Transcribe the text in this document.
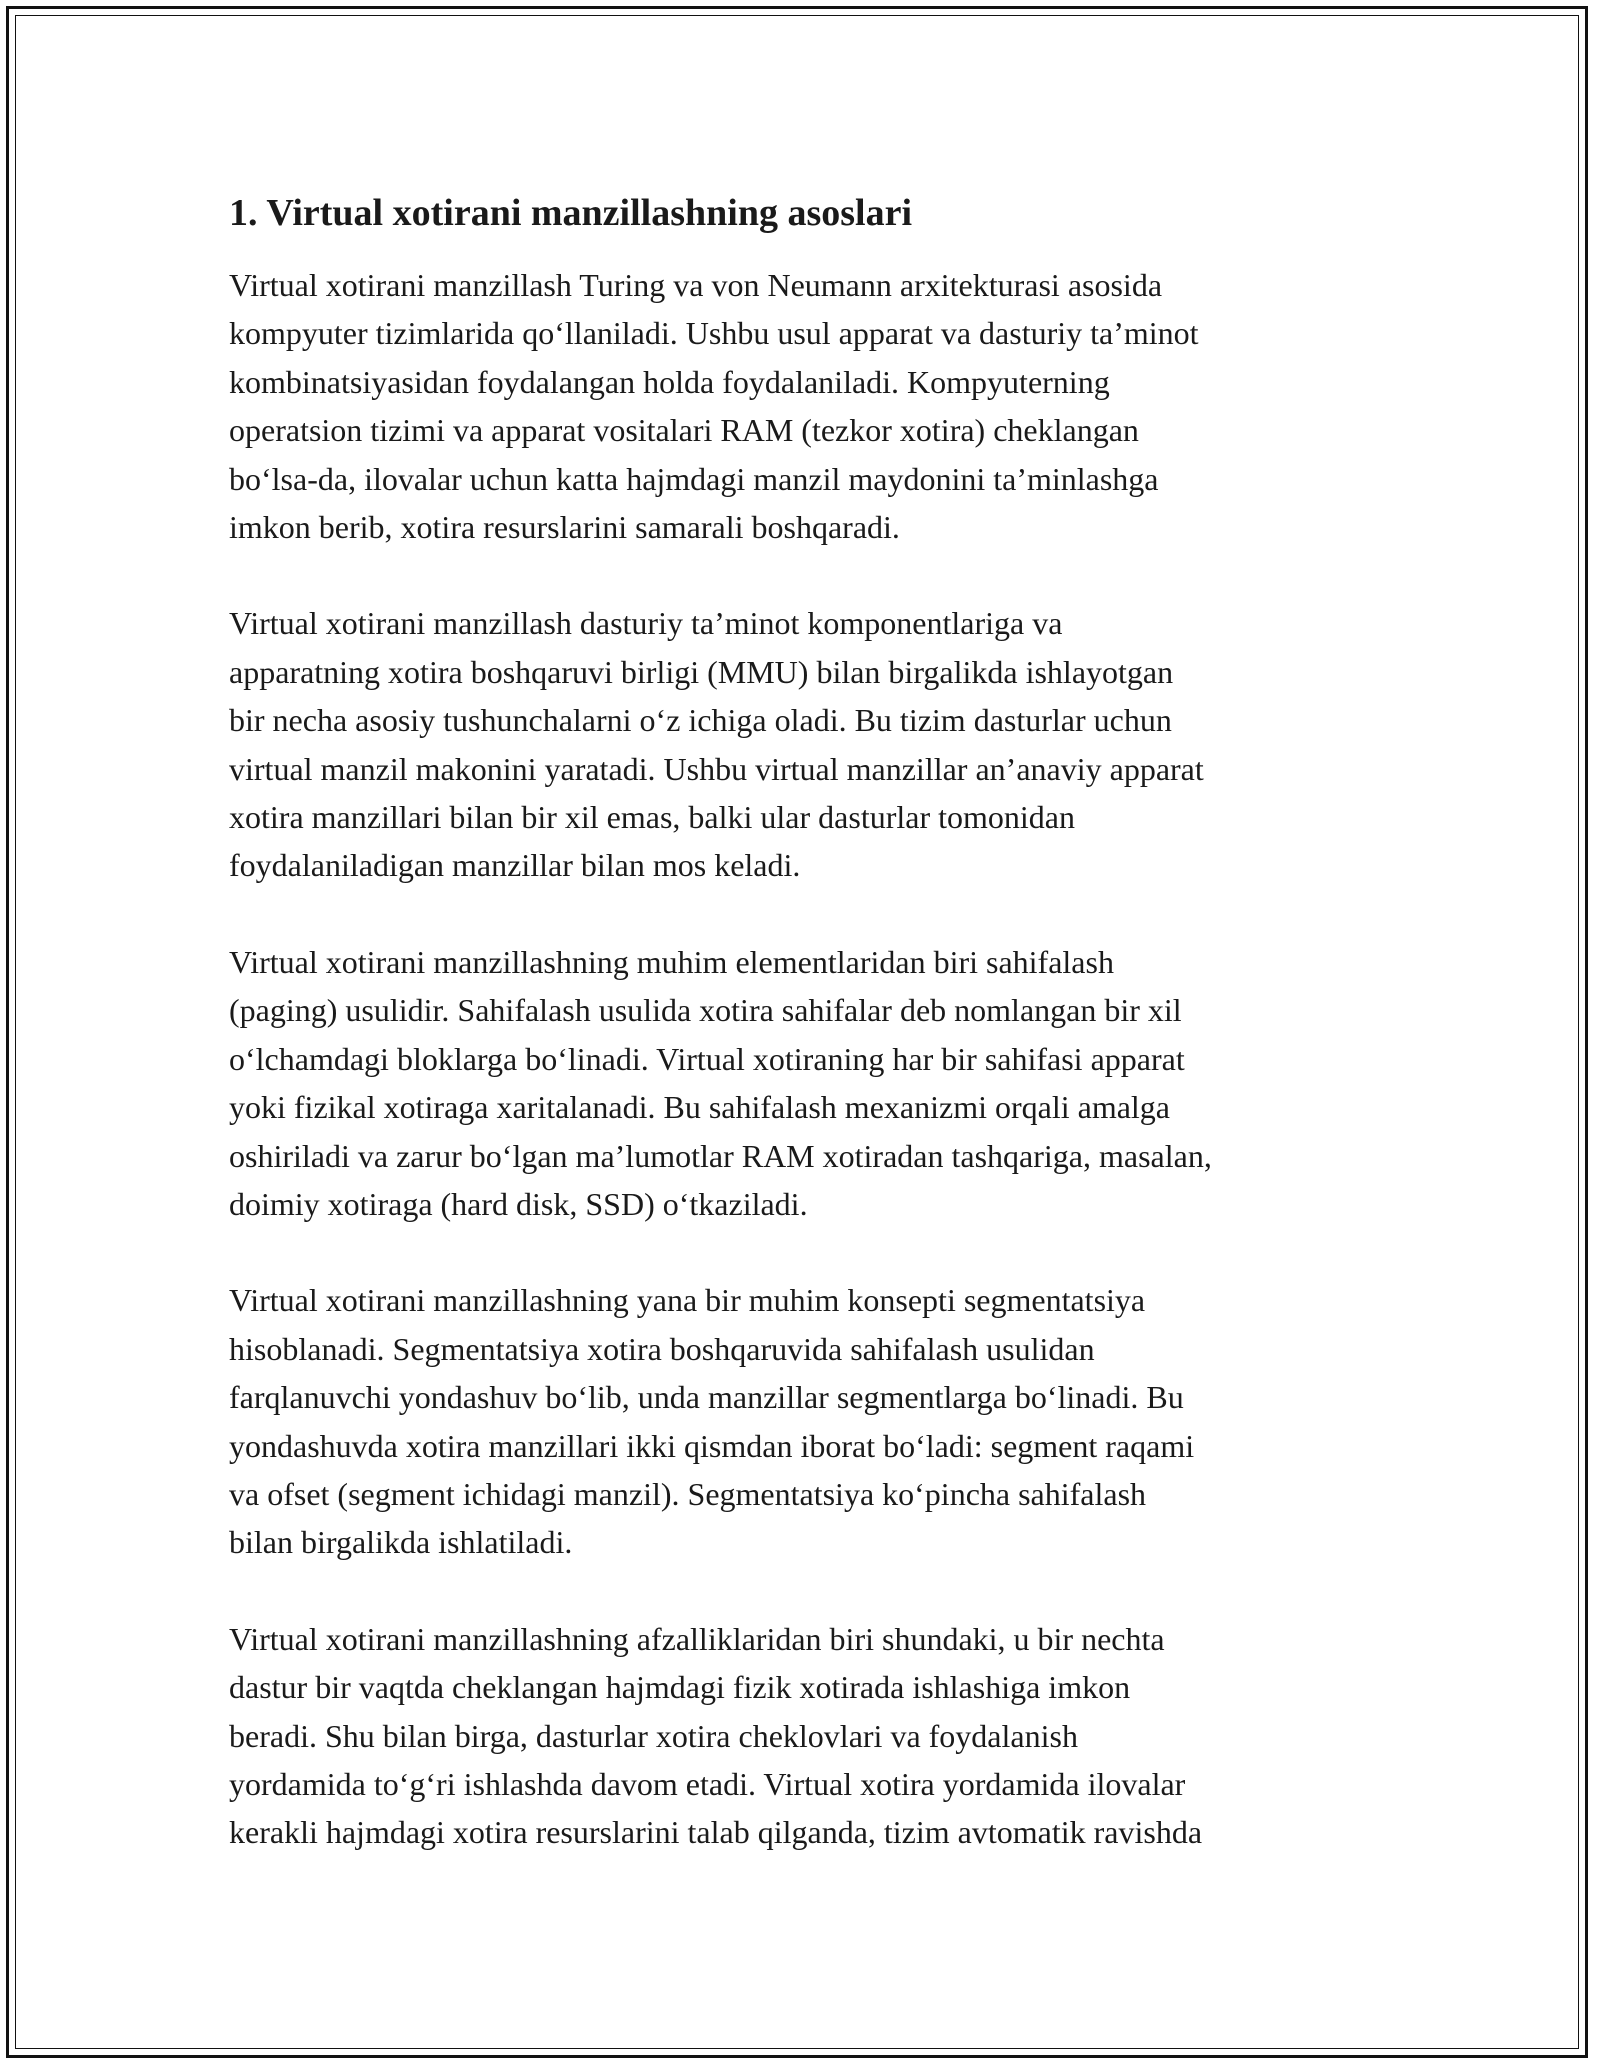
1. Virtual xotirani manzillashning asoslari

Virtual xotirani manzillash Turing va von Neumann arxitekturasi asosida
kompyuter tizimlarida qo‘llaniladi. Ushbu usul apparat va dasturiy ta’minot
kombinatsiyasidan foydalangan holda foydalaniladi. Kompyuterning
operatsion tizimi va apparat vositalari RAM (tezkor xotira) cheklangan
bo‘lsa-da, ilovalar uchun katta hajmdagi manzil maydonini ta’minlashga
imkon berib, xotira resurslarini samarali boshqaradi.

Virtual xotirani manzillash dasturiy ta’minot komponentlariga va
apparatning xotira boshqaruvi birligi (MMU) bilan birgalikda ishlayotgan
bir necha asosiy tushunchalarni o‘z ichiga oladi. Bu tizim dasturlar uchun
virtual manzil makonini yaratadi. Ushbu virtual manzillar an’anaviy apparat
xotira manzillari bilan bir xil emas, balki ular dasturlar tomonidan
foydalaniladigan manzillar bilan mos keladi.

Virtual xotirani manzillashning muhim elementlaridan biri sahifalash
(paging) usulidir. Sahifalash usulida xotira sahifalar deb nomlangan bir xil
o‘lchamdagi bloklarga bo‘linadi. Virtual xotiraning har bir sahifasi apparat
yoki fizikal xotiraga xaritalanadi. Bu sahifalash mexanizmi orqali amalga
oshiriladi va zarur bo‘lgan ma’lumotlar RAM xotiradan tashqariga, masalan,
doimiy xotiraga (hard disk, SSD) o‘tkaziladi.

Virtual xotirani manzillashning yana bir muhim konsepti segmentatsiya
hisoblanadi. Segmentatsiya xotira boshqaruvida sahifalash usulidan
farqlanuvchi yondashuv bo‘lib, unda manzillar segmentlarga bo‘linadi. Bu
yondashuvda xotira manzillari ikki qismdan iborat bo‘ladi: segment raqami
va ofset (segment ichidagi manzil). Segmentatsiya ko‘pincha sahifalash
bilan birgalikda ishlatiladi.

Virtual xotirani manzillashning afzalliklaridan biri shundaki, u bir nechta
dastur bir vaqtda cheklangan hajmdagi fizik xotirada ishlashiga imkon
beradi. Shu bilan birga, dasturlar xotira cheklovlari va foydalanish
yordamida to‘g‘ri ishlashda davom etadi. Virtual xotira yordamida ilovalar
kerakli hajmdagi xotira resurslarini talab qilganda, tizim avtomatik ravishda
